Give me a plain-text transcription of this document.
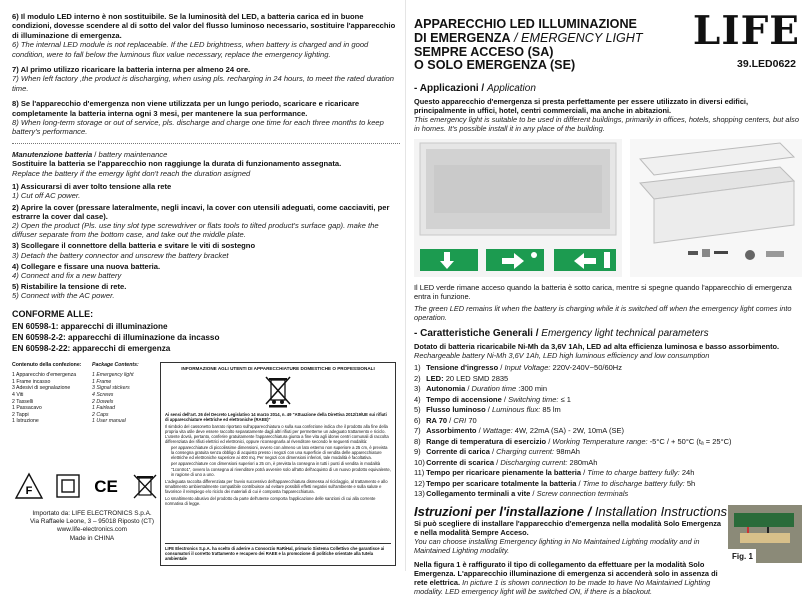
6) Il modulo LED interno è non sostituibile. Se la luminosità del LED, a batteria carica ed in buone condizioni, dovesse scendere al di sotto del valor del flusso luminoso necessario, sostituire l'apparecchio di illuminazione di emergenza.
6) The internal LED module is not replaceable. If the LED brightness, when battery is charged and in good condition, were to fall below the luminous flux value necessary, replace the emergency lighting.
7) Al primo utilizzo ricaricare la batteria interna per almeno 24 ore.
7) When left factory ,the product is discharging, when using pls. recharging in 24 hours, to meet the rated duration time.
8) Se l'apparecchio d'emergenza non viene utilizzata per un lungo periodo, scaricare e ricaricare completamente la batteria interna ogni 3 mesi, per mantenere la sua performance.
8) When long-term storage or out of service, pls. discharge and charge one time for each three months to keep battery's performance.
Manutenzione batteria / battery maintenance
Sostituire la batteria se l'apparecchio non raggiunge la durata di funzionamento assegnata.
Replace the battery if the emergy light don't reach the duration asigned
1) Assicurarsi di aver tolto tensione alla rete
1) Cut off AC power.
2) Aprire la cover (pressare lateralmente, negli incavi, la cover con utensili adeguati, come cacciaviti, per estrarre la cover dal case).
2) Open the product (Pls. use tiny slot type screwdriver or flats tools to tilted product's surface gap). make the diffuser separate from the bottom case, and take out the middle plate.
3) Scollegare il connettore della batteria e svitare le viti di sostegno
3) Detach the battery connector and unscrew the battery bracket
4) Collegare e fissare una nuova batteria.
4) Connect and fix a new battery
5) Ristabilire la tensione di rete.
5) Connect with the AC power.
CONFORME ALLE:
EN 60598-1: apparecchi di illuminazione
EN 60598-2-2: apparecchi di illuminazione da incasso
EN 60598-2-22: apparecchi di emergenza
Contenuto della confezione:
1 Apparecchio d'emergenza
1 Frame incasso
3 Adesivi di segnalazione
4 Viti
2 Tasselli
1 Passacavo
2 Tappi
1 Istruzione
Package Contents:
1 Emergency light
1 Frame
3 Signal stickers
4 Screws
2 Dowels
1 Fairlead
2 Caps
1 User manual
INFORMAZIONE AGLI UTENTI DI APPARECCHIATURE DOMESTICHE O PROFESSIONALI
Ai sensi dell'art. 26 del Decreto Legislativo 14 marzo 2014, n. 49 "Attuazione della Direttiva 2012/19/UE sui rifiuti di apparecchiature elettriche ed elettroniche (RAEE)"
Il simbolo del cassonetto barrato riportato sull'apparecchiatura o sulla sua confezione indica che il prodotto alla fine della propria vita utile deve essere raccolto separatamente dagli altri rifiuti per permetterne un adeguato trattamento e riciclo. L'utente dovrà, pertanto, conferire gratuitamente l'apparecchiatura giunta a fine vita agli idonei centri comunali di raccolta differenziata dei rifiuti elettrici ed elettronici, oppure riconsegnarla al rivenditore secondo le seguenti modalità:
per apparecchiature di piccolissime dimensioni, ovvero con almeno un lato esterno non superiore a 25 cm, è prevista la consegna gratuita senza obbligo di acquisto presso i negozi con una superficie di vendita delle apparecchiature elettriche ed elettroniche superiore ai 400 mq. Per negozi con dimensioni inferiori, tale modalità è facoltativa.
per apparecchiature con dimensioni superiori a 25 cm, è prevista la consegna in tutti i punti di vendita in modalità "1contro1", ovvero la consegna al rivenditore potrà avvenire solo all'atto dell'acquisto di un nuovo prodotto equivalente, in ragione di uno a uno.
L'adeguata raccolta differenziata per l'avvio successivo dell'apparecchiatura dismessa al riciclaggio, al trattamento e allo smaltimento ambientalmente compatibile contribuisce ad evitare possibili effetti negativi sull'ambiente e sulla salute e favorisce il reimpiego e/o riciclo dei materiali di cui è composta l'apparecchiatura.
Lo smaltimento abusivo del prodotto da parte dell'utente comporta l'applicazione delle sanzioni di cui alla corrente normativa di legge.
LIFE Electronics S.p.A. ha scelto di aderire a Consorzio RaRiHal, primario Sistema Collettivo che garantisce ai consumatori il corretto trattamento e recupero dei RAEE e la promozione di politiche orientate alla tutela ambientale
F	CE
Importato da: LIFE ELECTRONICS S.p.A.
Via Raffaele Leone, 3 – 95018 Riposto (CT)
www.life-electronics.com
Made in CHINA
LIFE
39.LED0622
APPARECCHIO LED ILLUMINAZIONE
DI EMERGENZA / EMERGENCY LIGHT
SEMPRE ACCESO (SA)
O SOLO EMERGENZA (SE)
- Applicazioni / Application
Questo apparecchio d'emergenza si presta perfettamente per essere utilizzato in diversi edifici, principalmente in uffici, hotel, centri commerciali, ma anche in abitazioni.
This emergency light is suitable to be used in different buildings, primarily in offices, hotels, shopping centers, but also in homes. It's possible install it in any place of the building.
Il LED verde rimane acceso quando la batteria è sotto carica, mentre si spegne quando l'apparecchio di emergenza entra in funzione.
The green LED remains lit when the battery is charging while it is switched off when the emergency light comes into operation.
- Caratteristiche Generali / Emergency light technical parameters
Dotato di batteria ricaricabile Ni-Mh da 3,6V 1Ah, LED ad alta efficienza luminosa e basso assorbimento.
Rechargeable battery Ni-Mh 3,6V 1Ah, LED high luminous efficiency and low consumption
1) Tensione d'ingresso / Input Voltage: 220V-240V~50/60Hz
2) LED: 20 LED SMD 2835
3) Autonomia / Duration time :300 min
4) Tempo di accensione / Switching time: ≤ 1
5) Flusso luminoso / Luminous flux: 85 lm
6) RA 70 / CRI 70
7) Assorbimento / Wattage: 4W, 22mA (SA) - 2W, 10mA (SE)
8) Range di temperatura di esercizio / Working Temperature range: -5°C / + 50°C (tₐ = 25°C)
9) Corrente di carica / Charging current: 98mAh
10) Corrente di scarica / Discharging current: 280mAh
11) Tempo per ricaricare pienamente la batteria / Time to charge battery fully: 24h
12) Tempo per scaricare totalmente la batteria / Time to discharge battery fully: 5h
13) Collegamento terminali a vite / Screw connection terminals
Istruzioni per l'installazione / Installation Instructions
Si può scegliere di installare l'apparecchio d'emergenza nella modalità Solo Emergenza e nella modalità Sempre Acceso.
You can choose installing Emergency lighting in No Maintained Lighting modality and in Maintained Lighting modality.
Nella figura 1 è raffigurato il tipo di collegamento da effettuare per la modalità Solo Emergenza. L'apparecchio illuminazione di emergenza si accenderà solo in assenza di rete elettrica. In picture 1 is shown connection to be made to have No Maintained Lighting modality. LED emergency light will be switched ON, if there is a blackout.
Fig. 1
